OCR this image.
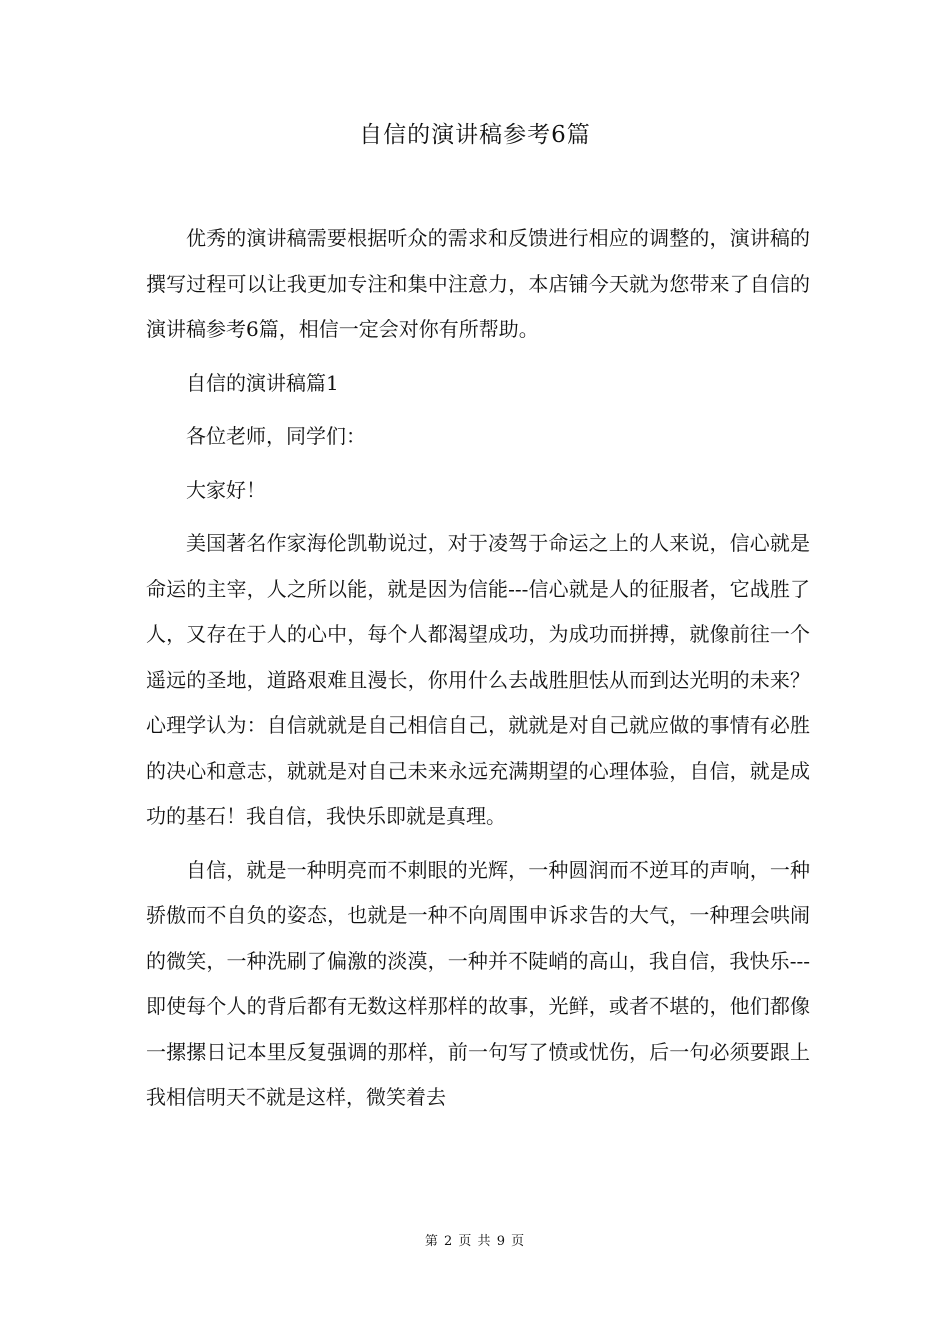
自信的演讲稿参考6篇

优秀的演讲稿需要根据听众的需求和反馈进行相应的调整的，演讲稿的撰写过程可以让我更加专注和集中注意力，本店铺今天就为您带来了自信的演讲稿参考6篇，相信一定会对你有所帮助。

自信的演讲稿篇1

各位老师，同学们：

大家好！

美国著名作家海伦凯勒说过，对于凌驾于命运之上的人来说，信心就是命运的主宰，人之所以能，就是因为信能---信心就是人的征服者，它战胜了人，又存在于人的心中，每个人都渴望成功，为成功而拼搏，就像前往一个遥远的圣地，道路艰难且漫长，你用什么去战胜胆怯从而到达光明的未来？心理学认为：自信就就是自己相信自己，就就是对自己就应做的事情有必胜的决心和意志，就就是对自己未来永远充满期望的心理体验，自信，就是成功的基石！我自信，我快乐即就是真理。

自信，就是一种明亮而不刺眼的光辉，一种圆润而不逆耳的声响，一种骄傲而不自负的姿态，也就是一种不向周围申诉求告的大气，一种理会哄闹的微笑，一种洗刷了偏激的淡漠，一种并不陡峭的高山，我自信，我快乐---即使每个人的背后都有无数这样那样的故事，光鲜，或者不堪的，他们都像一摞摞日记本里反复强调的那样，前一句写了愤或忧伤，后一句必须要跟上我相信明天不就是这样，微笑着去

第 2 页 共 9 页
